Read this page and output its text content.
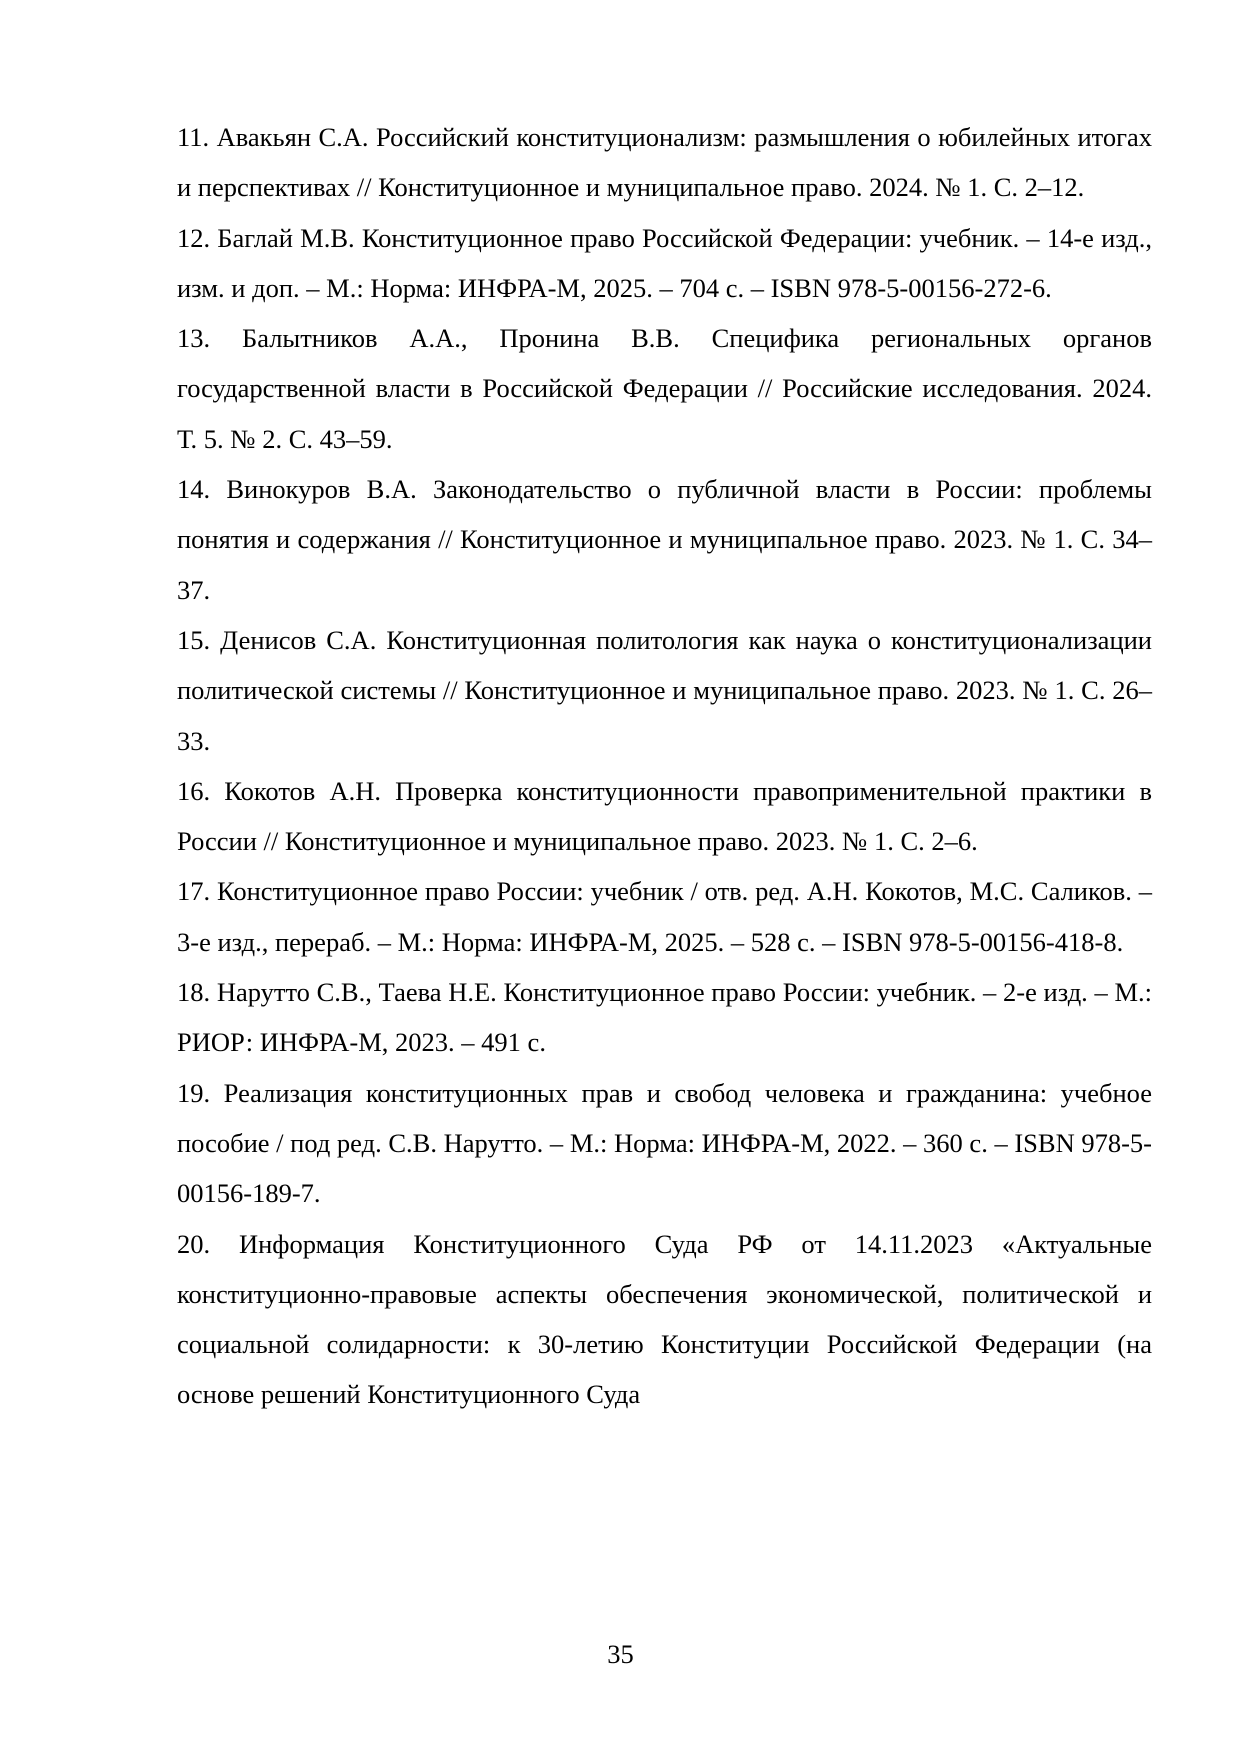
11. Авакьян С.А. Российский конституционализм: размышления о юбилейных итогах и перспективах // Конституционное и муниципальное право. 2024. № 1. С. 2–12.

12. Баглай М.В. Конституционное право Российской Федерации: учебник. – 14-е изд., изм. и доп. – М.: Норма: ИНФРА-М, 2025. – 704 с. – ISBN 978-5-00156-272-6.

13. Балытников А.А., Пронина В.В. Специфика региональных органов государственной власти в Российской Федерации // Российские исследования. 2024. Т. 5. № 2. С. 43–59.

14. Винокуров В.А. Законодательство о публичной власти в России: проблемы понятия и содержания // Конституционное и муниципальное право. 2023. № 1. С. 34–37.

15. Денисов С.А. Конституционная политология как наука о конституционализации политической системы // Конституционное и муниципальное право. 2023. № 1. С. 26–33.

16. Кокотов А.Н. Проверка конституционности правоприменительной практики в России // Конституционное и муниципальное право. 2023. № 1. С. 2–6.

17. Конституционное право России: учебник / отв. ред. А.Н. Кокотов, М.С. Саликов. – 3-е изд., перераб. – М.: Норма: ИНФРА-М, 2025. – 528 с. – ISBN 978-5-00156-418-8.

18. Нарутто С.В., Таева Н.Е. Конституционное право России: учебник. – 2-е изд. – М.: РИОР: ИНФРА-М, 2023. – 491 с.

19. Реализация конституционных прав и свобод человека и гражданина: учебное пособие / под ред. С.В. Нарутто. – М.: Норма: ИНФРА-М, 2022. – 360 с. – ISBN 978-5-00156-189-7.

20. Информация Конституционного Суда РФ от 14.11.2023 «Актуальные конституционно-правовые аспекты обеспечения экономической, политической и социальной солидарности: к 30-летию Конституции Российской Федерации (на основе решений Конституционного Суда

35
